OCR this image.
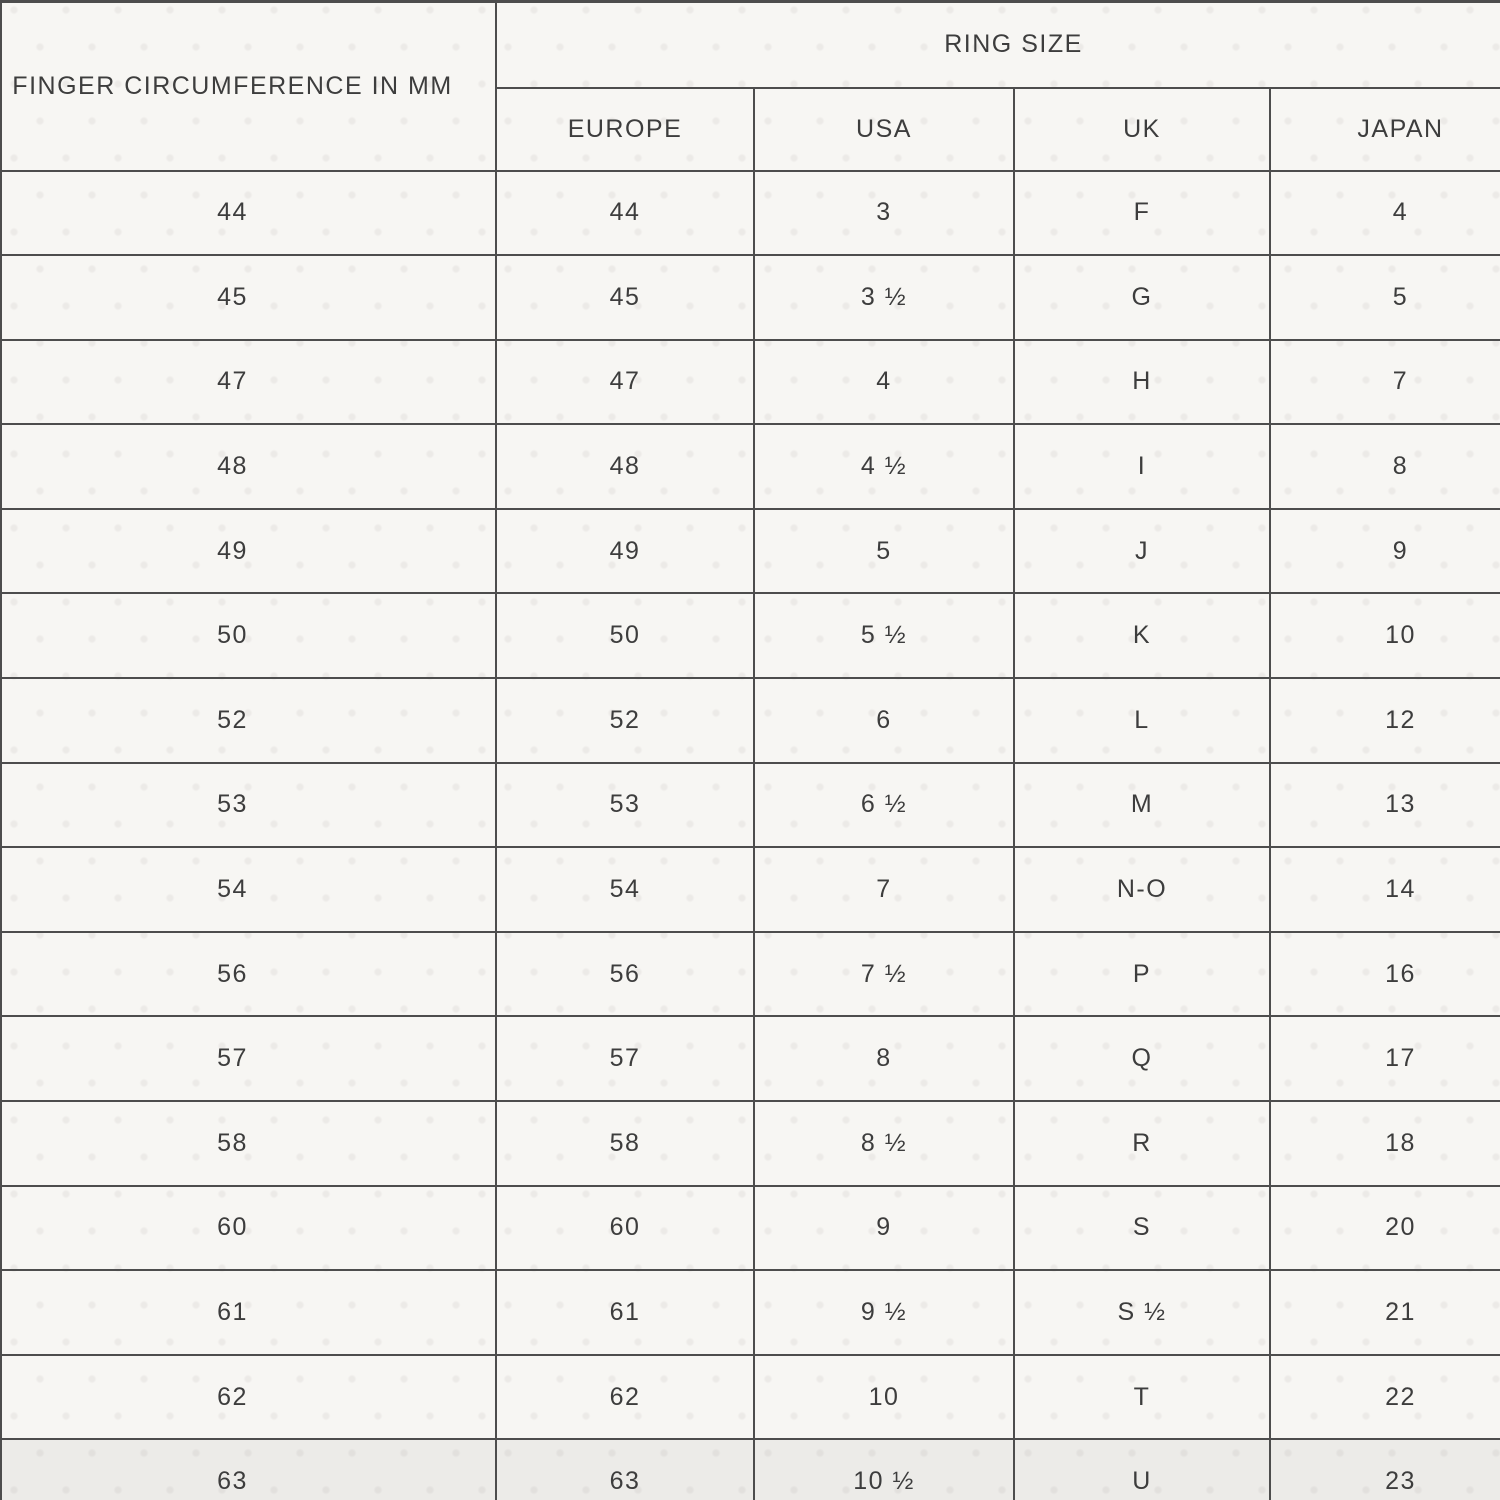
FINGER CIRCUMFERENCE IN MM	RING SIZE			
	EUROPE	USA	UK	JAPAN
44	44	3	F	4
45	45	3 ½	G	5
47	47	4	H	7
48	48	4 ½	I	8
49	49	5	J	9
50	50	5 ½	K	10
52	52	6	L	12
53	53	6 ½	M	13
54	54	7	N-O	14
56	56	7 ½	P	16
57	57	8	Q	17
58	58	8 ½	R	18
60	60	9	S	20
61	61	9 ½	S ½	21
62	62	10	T	22
63	63	10 ½	U	23
